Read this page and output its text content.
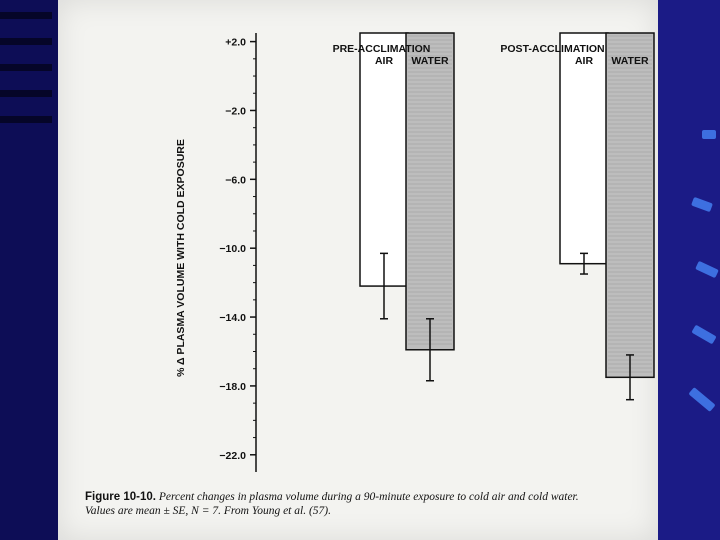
+2.0
−2.0
−6.0
−10.0
−14.0
−18.0
−22.0
% Δ PLASMA VOLUME WITH COLD EXPOSURE
PRE-ACCLIMATION
AIR WATER
POST-ACCLIMATION
AIR WATER
Figure 10-10. Percent changes in plasma volume during a 90-minute exposure to cold air and cold water. Values are mean ± SE, N = 7. From Young et al. (57).
